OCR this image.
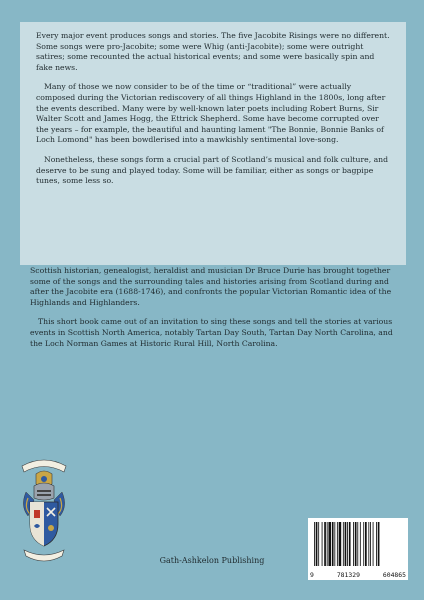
Every major event produces songs and stories. The five Jacobite Risings were no different. Some songs were pro-Jacobite; some were Whig (anti-Jacobite); some were outright satires; some recounted the actual historical events; and some were basically spin and fake news.

Many of those we now consider to be of the time or “traditional” were actually composed during the Victorian rediscovery of all things Highland in the 1800s, long after the events described. Many were by well-known later poets including Robert Burns, Sir Walter Scott and James Hogg, the Ettrick Shepherd. Some have become corrupted over the years – for example, the beautiful and haunting lament "The Bonnie, Bonnie Banks of Loch Lomond" has been bowdlerised into a mawkishly sentimental love-song.

Nonetheless, these songs form a crucial part of Scotland’s musical and folk culture, and deserve to be sung and played today. Some will be familiar, either as songs or bagpipe tunes, some less so.

Scottish historian, genealogist, heraldist and musician Dr Bruce Durie has brought together some of the songs and the surrounding tales and histories arising from Scotland during and after the Jacobite era (1688-1746), and confronts the popular Victorian Romantic idea of the Highlands and Highlanders.

This short book came out of an invitation to sing these songs and tell the stories at various events in Scottish North America, notably Tartan Day South, Tartan Day North Carolina, and the Loch Norman Games at Historic Rural Hill, North Carolina.

Gath-Ashkelon Publishing
9	781329	604865
